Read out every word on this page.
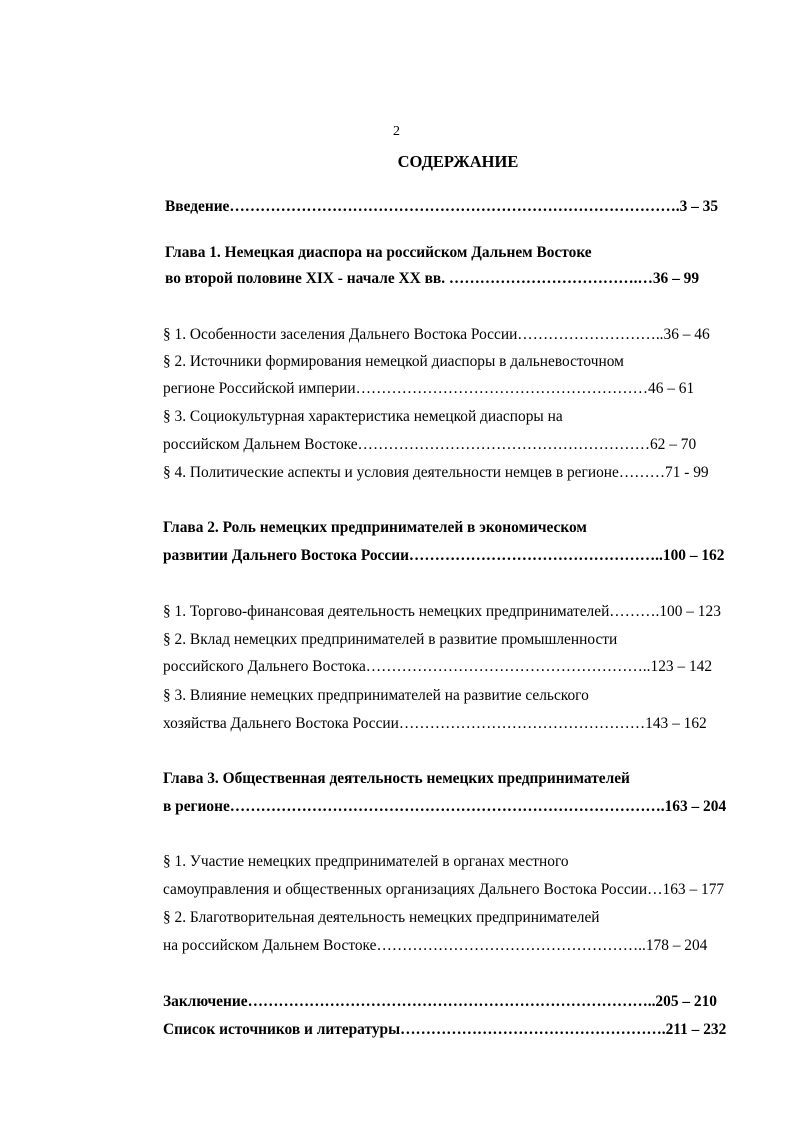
2
СОДЕРЖАНИЕ
Введение…………………………………………………………………………….3 – 35
Глава 1. Немецкая диаспора на российском Дальнем Востоке
во второй половине XIX - начале XX вв. ……………………………….…36 – 99
§ 1. Особенности заселения Дальнего Востока России………………………..36 – 46
§ 2. Источники формирования немецкой диаспоры в дальневосточном
регионе Российской империи…………………………………………………46 – 61
§ 3. Социокультурная характеристика немецкой диаспоры на
российском Дальнем Востоке…………………………………………………62 – 70
§ 4. Политические аспекты и условия деятельности немцев в регионе………71 - 99
Глава 2. Роль немецких предпринимателей в экономическом
развитии Дальнего Востока России…………………………………………..100 – 162
§ 1. Торгово-финансовая деятельность немецких предпринимателей……….100 – 123
§ 2. Вклад немецких предпринимателей в развитие промышленности
российского Дальнего Востока………………………………………………..123 – 142
§ 3. Влияние немецких предпринимателей на развитие сельского
хозяйства Дальнего Востока России…………………………………………143 – 162
Глава 3. Общественная деятельность немецких предпринимателей
в регионе………………………………………………………………………….163 – 204
§ 1. Участие немецких предпринимателей в органах местного
самоуправления и общественных организациях Дальнего Востока России…163 – 177
§ 2. Благотворительная деятельность немецких предпринимателей
на российском Дальнем Востоке……………………………………………..178 – 204
Заключение……………………………………………………………………..205 – 210
Список источников и литературы…………………………………………….211 – 232
